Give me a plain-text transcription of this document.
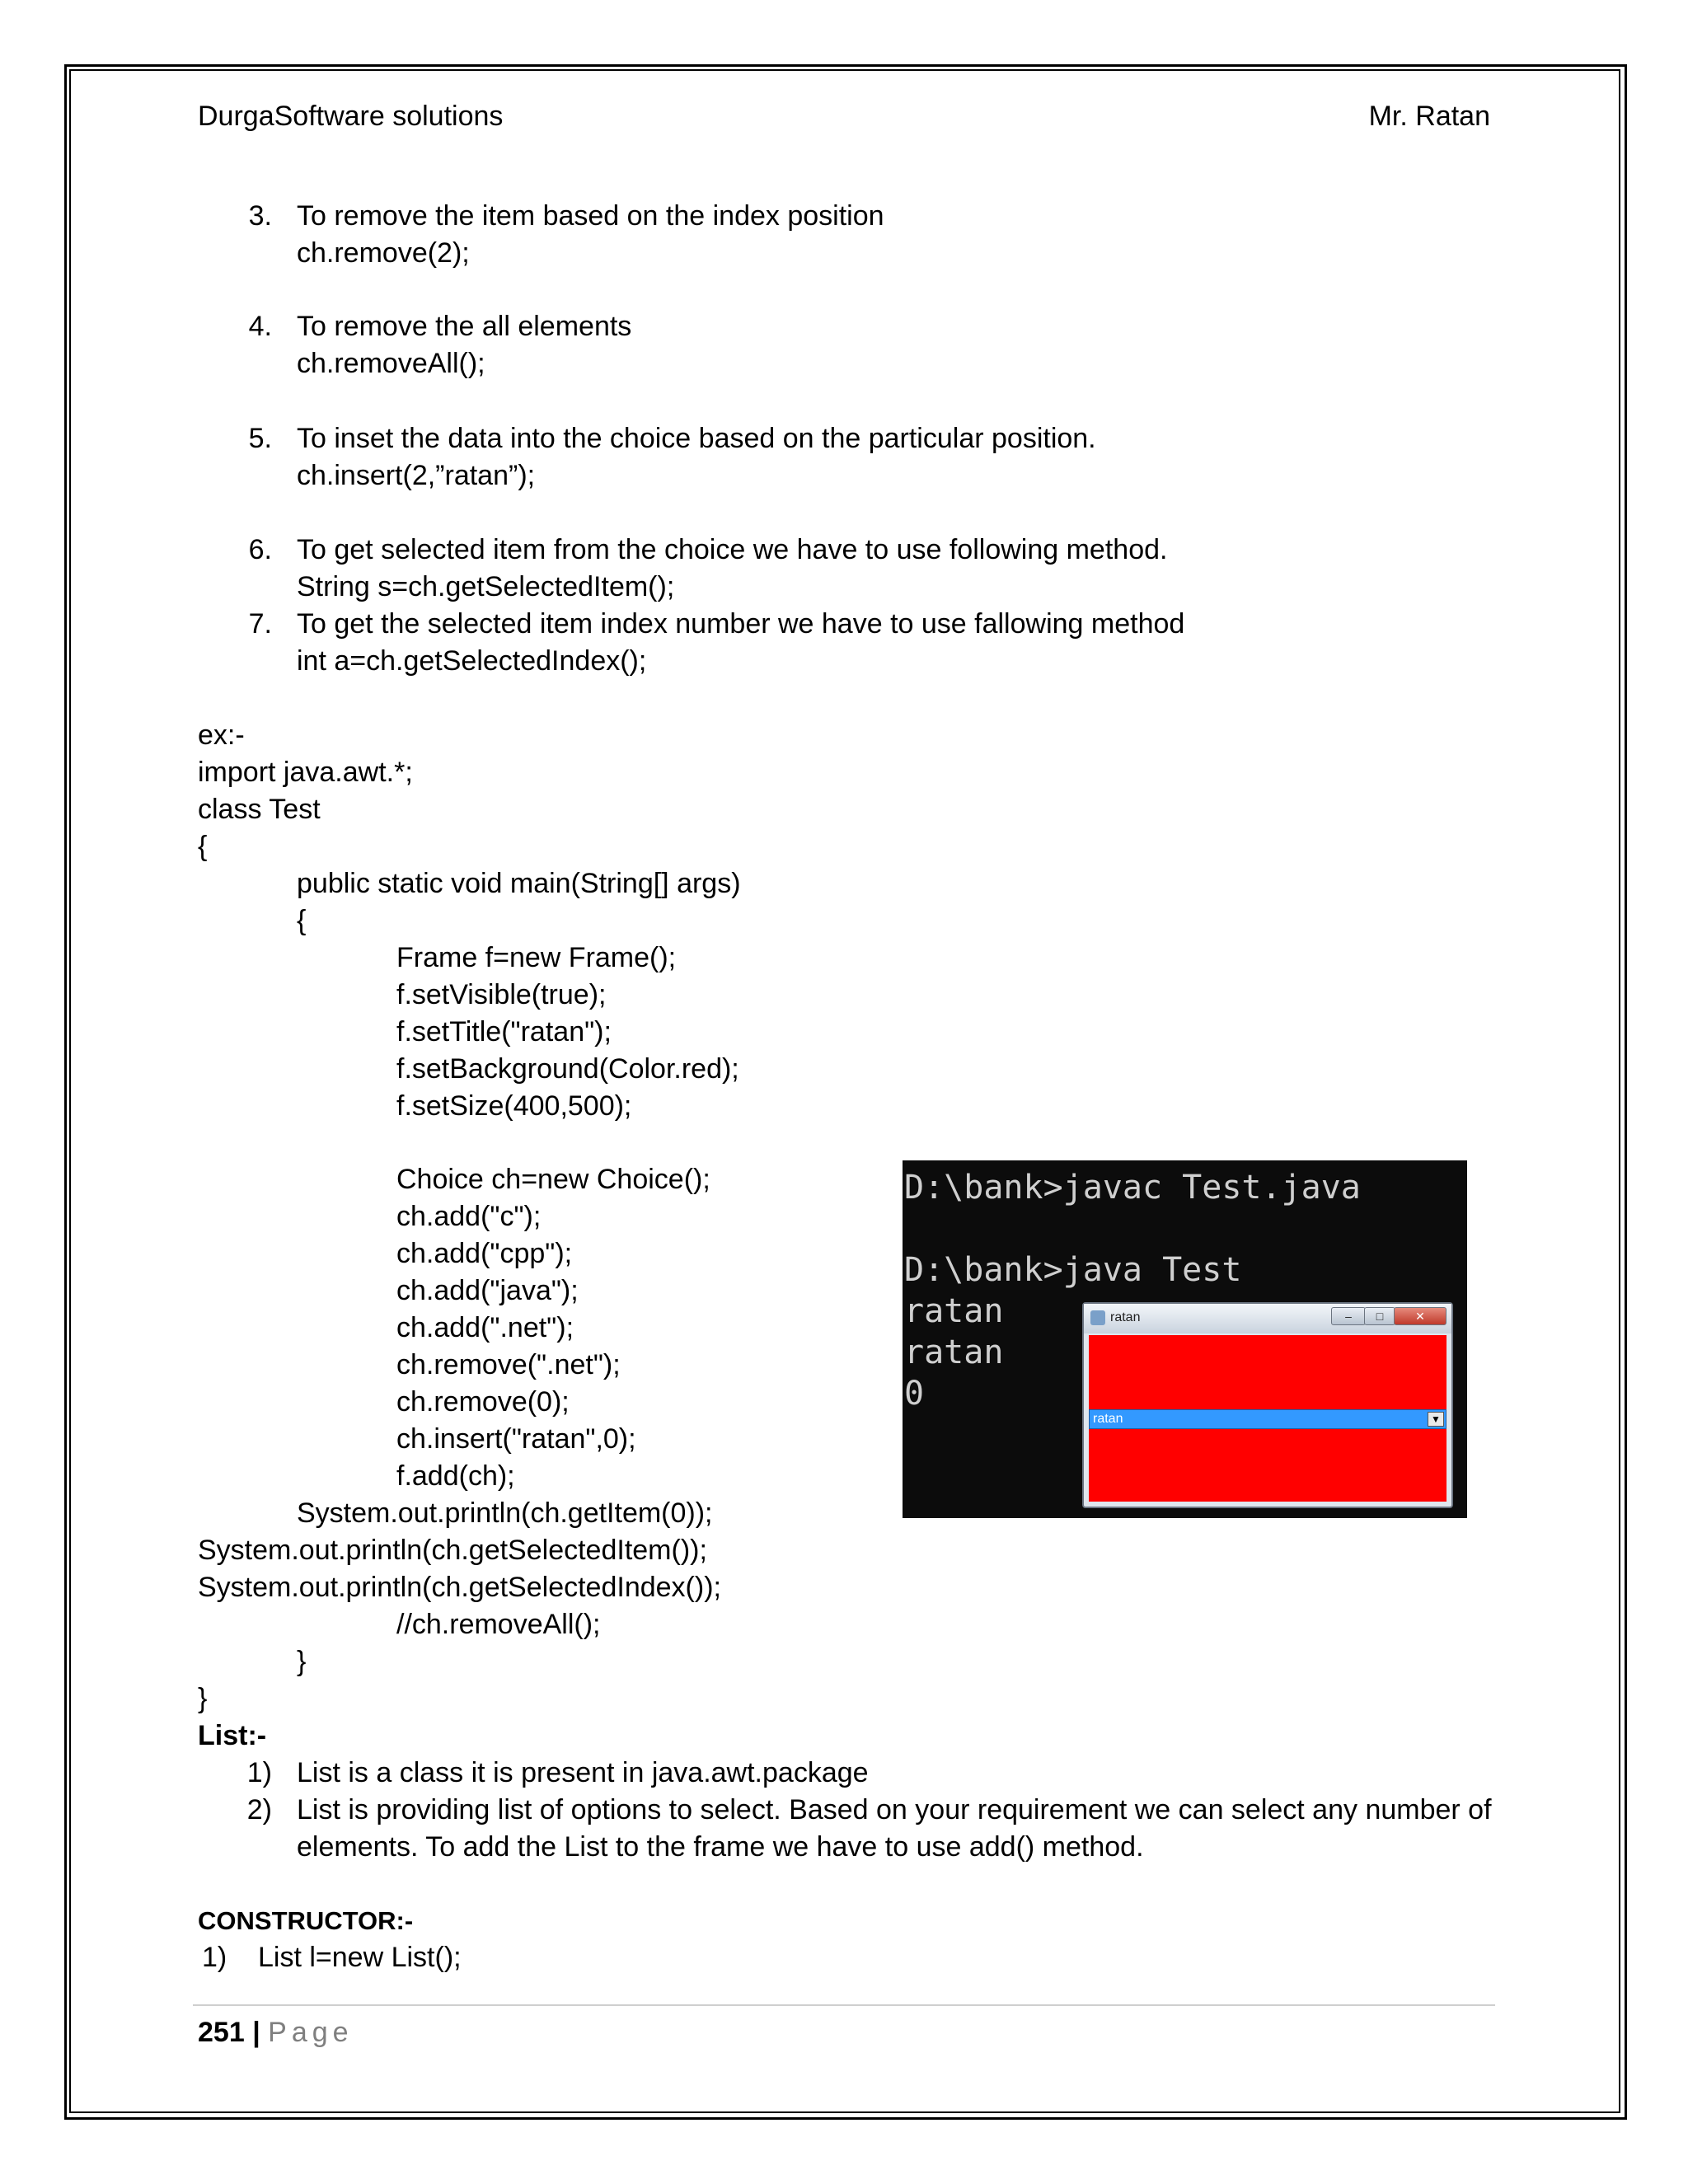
DurgaSoftware solutions	Mr. Ratan
3. To remove the item based on the index position
ch.remove(2);
4. To remove the all elements
ch.removeAll();
5. To inset the data into the choice based on the particular position.
ch.insert(2,”ratan”);
6. To get selected item from the choice we have to use following method.
String s=ch.getSelectedItem();
7. To get the selected item index number we have to use fallowing method
int a=ch.getSelectedIndex();
ex:-
import java.awt.*;
class Test
{
public static void main(String[] args)
{
Frame f=new Frame();
f.setVisible(true);
f.setTitle("ratan");
f.setBackground(Color.red);
f.setSize(400,500);
Choice ch=new Choice();
ch.add("c");
ch.add("cpp");
ch.add("java");
ch.add(".net");
ch.remove(".net");
ch.remove(0);
ch.insert("ratan",0);
f.add(ch);
System.out.println(ch.getItem(0));
System.out.println(ch.getSelectedItem());
System.out.println(ch.getSelectedIndex());
//ch.removeAll();
}
}
D:\bank>javac Test.java
D:\bank>java Test
ratan
ratan
0
ratan	‒	□	✕
ratan	▼
List:-
1) List is a class it is present in java.awt.package
2) List is providing list of options to select. Based on your requirement we can select any number of
elements. To add the List to the frame we have to use add() method.
CONSTRUCTOR:-
1) List l=new List();
251 | Page
